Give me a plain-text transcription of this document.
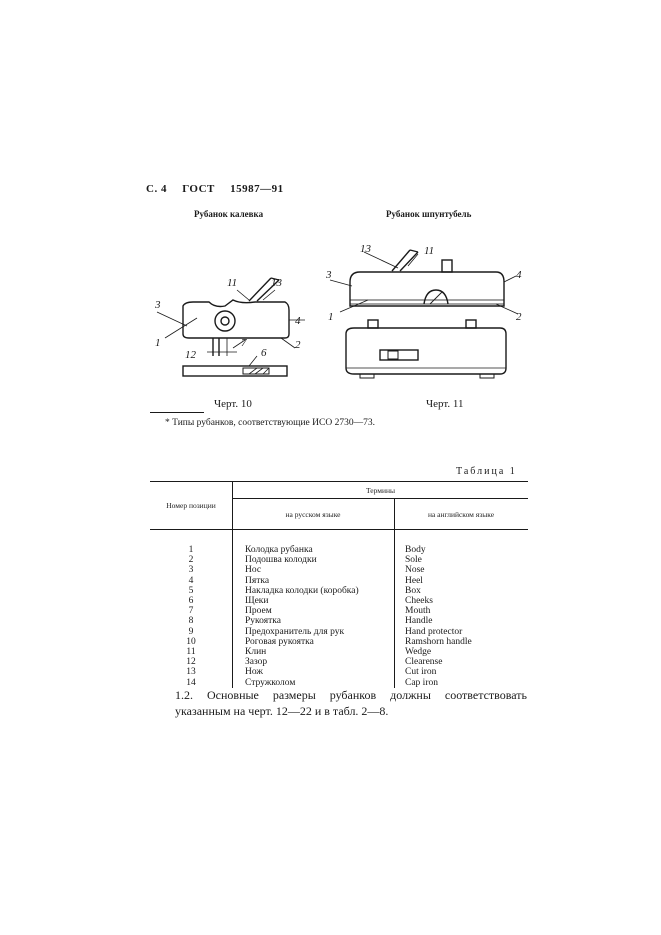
С. 4 ГОСТ 15987—91
Рубанок калевка	Рубанок шпунтубель
11	13
3
4
1	2
12
7
6
13	11
3	4
1	2
Черт. 10	Черт. 11
* Типы рубанков, соответствующие ИСО 2730—73.
Таблица 1
Номер позиции	Термины	
	на русском языке	на английском языке
1	Колодка рубанка	Body
2	Подошва колодки	Sole
3	Нос	Nose
4	Пятка	Heel
5	Накладка колодки (коробка)	Box
6	Щеки	Cheeks
7	Проем	Mouth
8	Рукоятка	Handle
9	Предохранитель для рук	Hand protector
10	Роговая рукоятка	Ramshorn handle
11	Клин	Wedge
12	Зазор	Clearense
13	Нож	Cut iron
14	Стружколом	Cap iron
1.2. Основные размеры рубанков должны соответствовать указанным на черт. 12—22 и в табл. 2—8.
